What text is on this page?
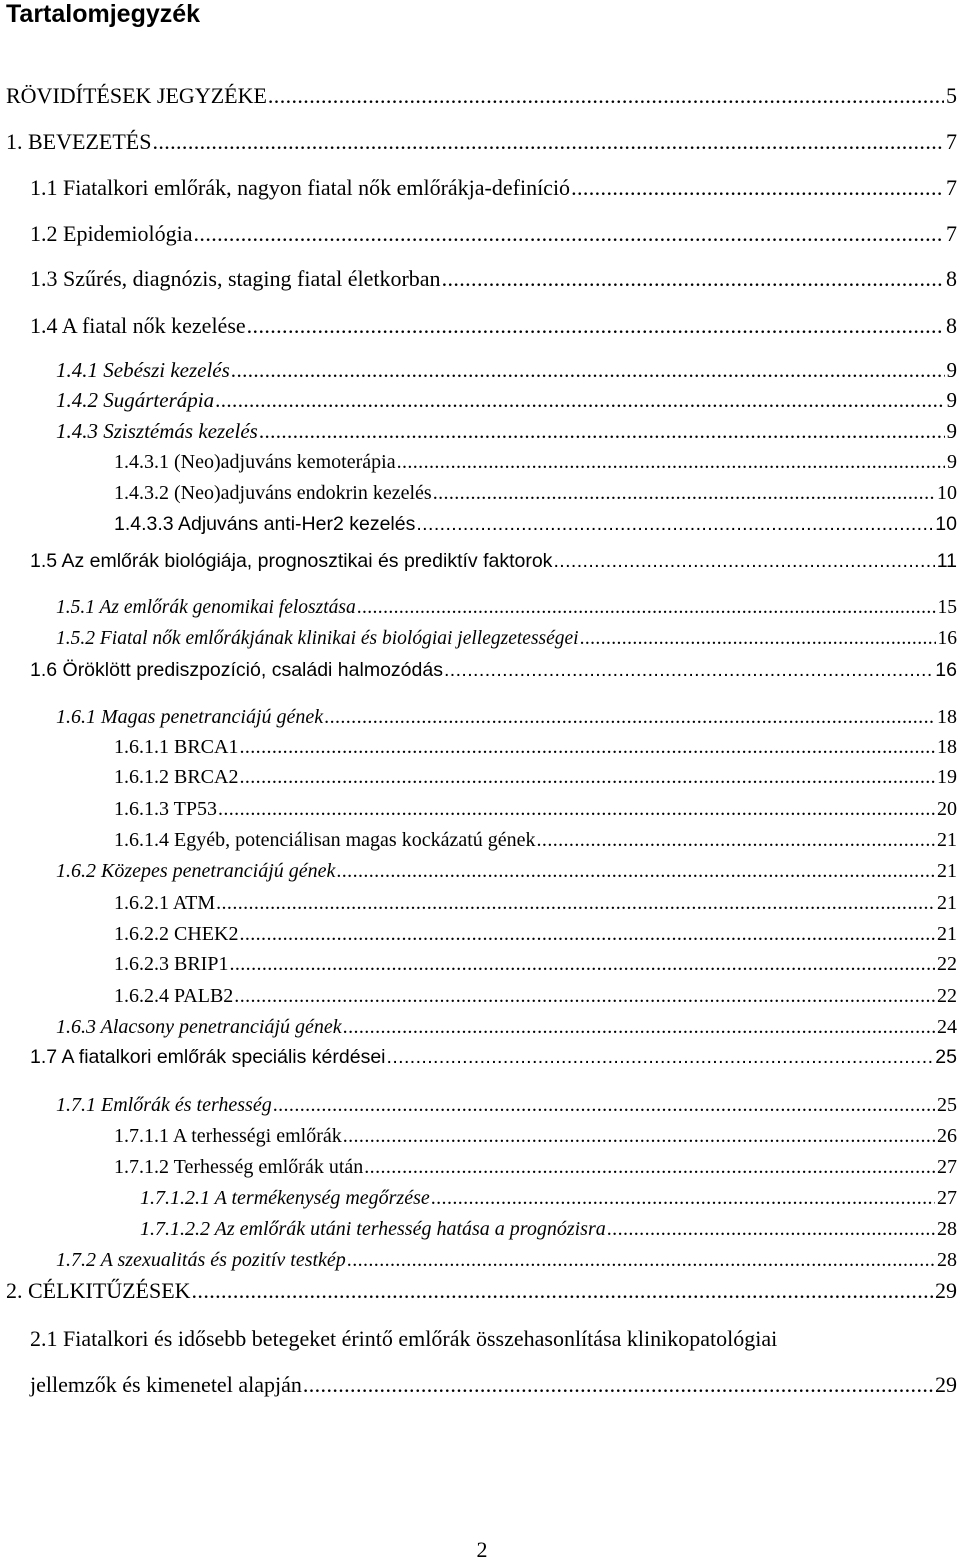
Tartalomjegyzék
RÖVIDÍTÉSEK JEGYZÉKE .....	5
1. BEVEZETÉS .....	7
1.1 Fiatalkori emlőrák, nagyon fiatal nők emlőrákja-definíció .....	7
1.2 Epidemiológia .....	7
1.3 Szűrés, diagnózis, staging fiatal életkorban .....	8
1.4 A fiatal nők kezelése .....	8
1.4.1 Sebészi kezelés .....	9
1.4.2 Sugárterápia .....	9
1.4.3 Szisztémás kezelés .....	9
1.4.3.1 (Neo)adjuváns kemoterápia .....	9
1.4.3.2 (Neo)adjuváns endokrin kezelés .....	10
1.4.3.3 Adjuváns anti-Her2 kezelés .....	10
1.5 Az emlőrák biológiája, prognosztikai és prediktív faktorok .....	11
1.5.1 Az emlőrák genomikai felosztása .....	15
1.5.2 Fiatal nők emlőrákjának klinikai és biológiai jellegzetességei .....	16
1.6 Öröklött prediszpozíció, családi halmozódás .....	16
1.6.1 Magas penetranciájú gének .....	18
1.6.1.1 BRCA1 .....	18
1.6.1.2 BRCA2 .....	19
1.6.1.3 TP53 .....	20
1.6.1.4 Egyéb, potenciálisan magas kockázatú gének .....	21
1.6.2 Közepes penetranciájú gének .....	21
1.6.2.1 ATM .....	21
1.6.2.2 CHEK2 .....	21
1.6.2.3 BRIP1 .....	22
1.6.2.4 PALB2 .....	22
1.6.3 Alacsony penetranciájú gének .....	24
1.7 A fiatalkori emlőrák speciális kérdései .....	25
1.7.1 Emlőrák és terhesség .....	25
1.7.1.1 A terhességi emlőrák .....	26
1.7.1.2 Terhesség emlőrák után .....	27
1.7.1.2.1 A termékenység megőrzése .....	27
1.7.1.2.2 Az emlőrák utáni terhesség hatása a prognózisra .....	28
1.7.2 A szexualitás és pozitív testkép .....	28
2. CÉLKITŰZÉSEK .....	29
2.1 Fiatalkori és idősebb betegeket érintő emlőrák összehasonlítása klinikopatológiai
jellemzők és kimenetel alapján .....	29
2
